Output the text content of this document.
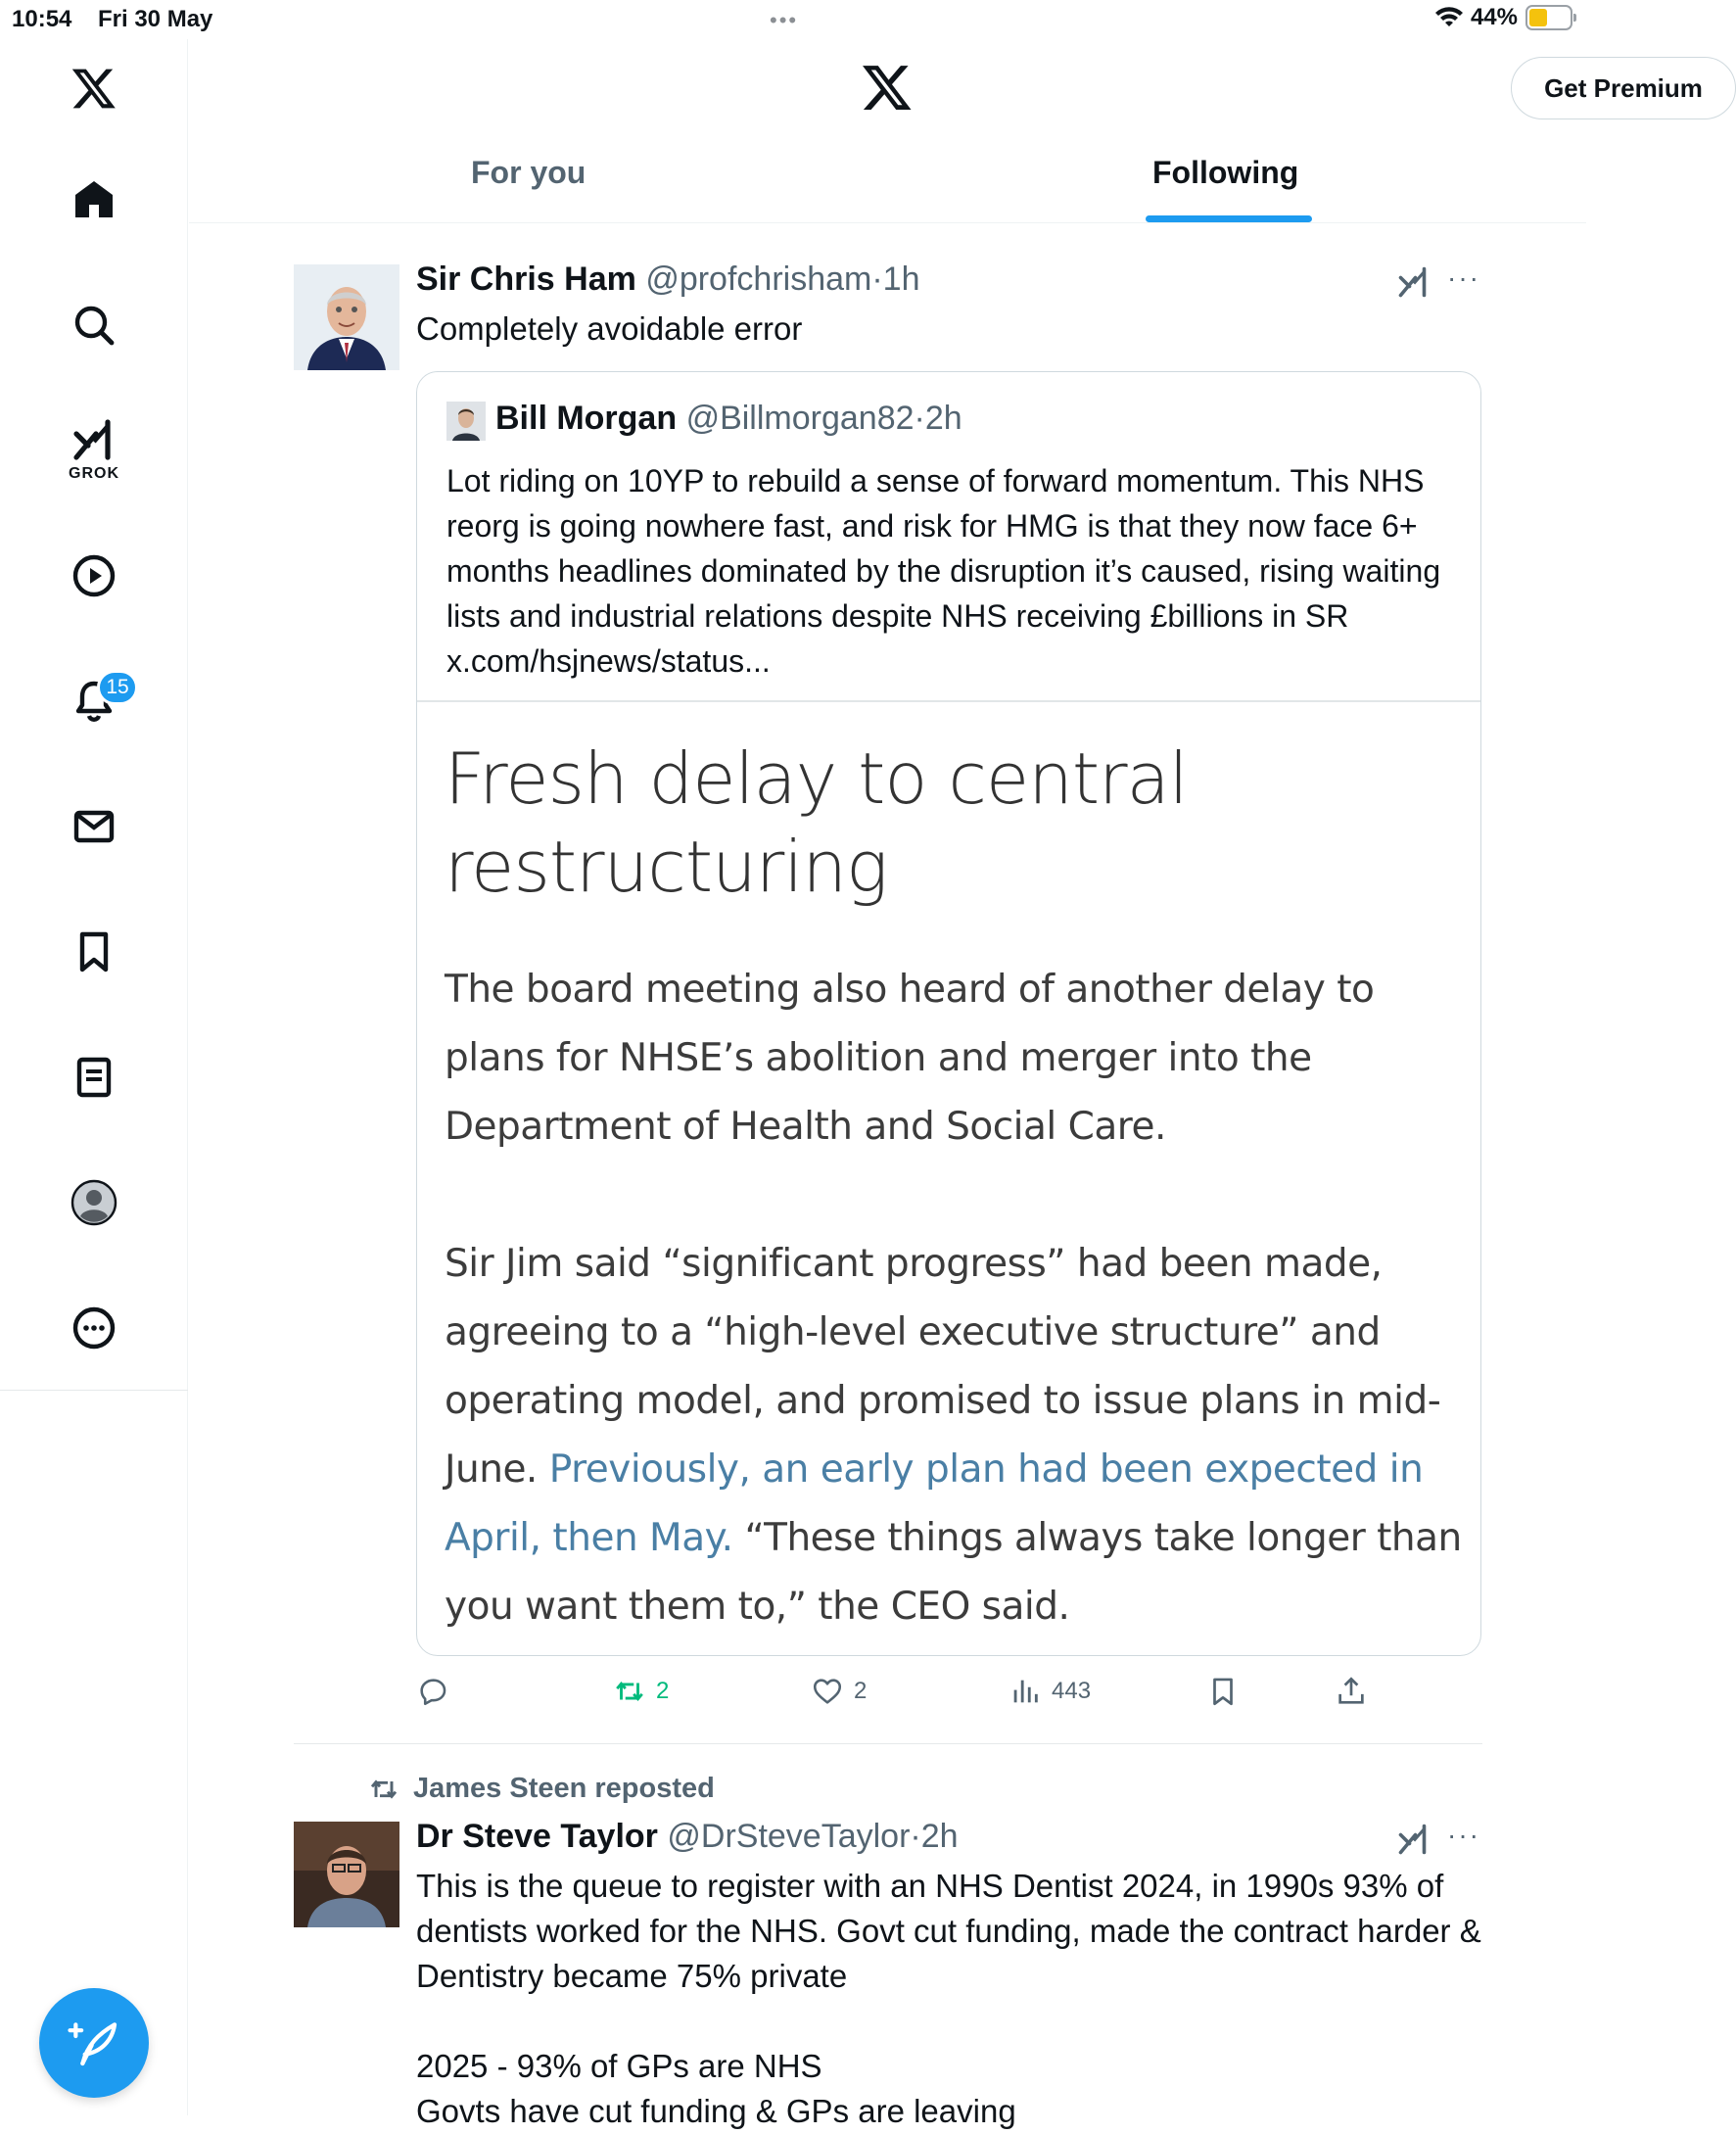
10:54 Fri 30 May	•••	44%
GROK
15
Get Premium
For you	Following
Sir Chris Ham @profchrisham·1h	···
Completely avoidable error
Bill Morgan @Billmorgan82·2h
Lot riding on 10YP to rebuild a sense of forward momentum. This NHS reorg is going nowhere fast, and risk for HMG is that they now face 6+ months headlines dominated by the disruption it’s caused, rising waiting lists and industrial relations despite NHS receiving £billions in SR x.com/hsjnews/status...
Fresh delay to central restructuring

The board meeting also heard of another delay to plans for NHSE’s abolition and merger into the Department of Health and Social Care.

Sir Jim said “significant progress” had been made, agreeing to a “high-level executive structure” and operating model, and promised to issue plans in mid-June. Previously, an early plan had been expected in April, then May. “These things always take longer than you want them to,” the CEO said.

2	2	443
James Steen reposted
Dr Steve Taylor @DrSteveTaylor·2h	···
This is the queue to register with an NHS Dentist 2024, in 1990s 93% of dentists worked for the NHS. Govt cut funding, made the contract harder & Dentistry became 75% private
2025 - 93% of GPs are NHS
Govts have cut funding & GPs are leaving
